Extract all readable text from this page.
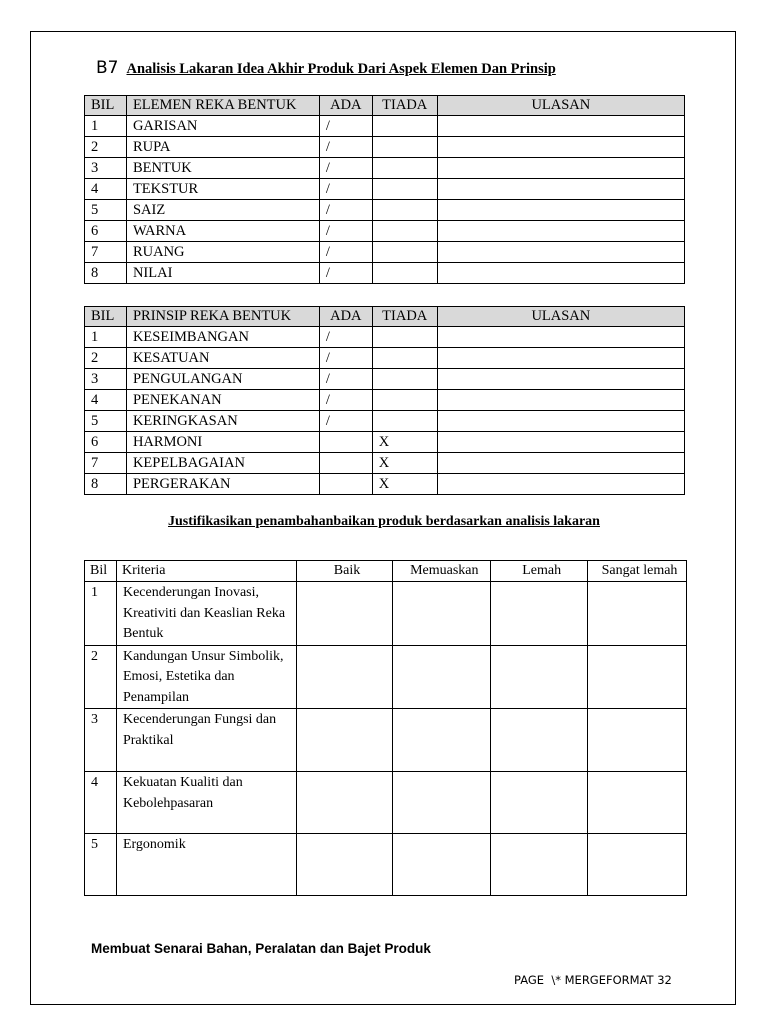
B7 Analisis Lakaran Idea Akhir Produk Dari Aspek Elemen Dan Prinsip
BIL	ELEMEN REKA BENTUK	ADA	TIADA	ULASAN
1	GARISAN	/		
2	RUPA	/		
3	BENTUK	/		
4	TEKSTUR	/		
5	SAIZ	/		
6	WARNA	/		
7	RUANG	/		
8	NILAI	/		
BIL	PRINSIP REKA BENTUK	ADA	TIADA	ULASAN
1	KESEIMBANGAN	/		
2	KESATUAN	/		
3	PENGULANGAN	/		
4	PENEKANAN	/		
5	KERINGKASAN	/		
6	HARMONI		X	
7	KEPELBAGAIAN		X	
8	PERGERAKAN		X	
Justifikasikan penambahanbaikan produk berdasarkan analisis lakaran
Bil	Kriteria	Baik	Memuaskan	Lemah	Sangat lemah
1	Kecenderungan Inovasi, Kreativiti dan Keaslian Reka Bentuk				
2	Kandungan Unsur Simbolik, Emosi, Estetika dan Penampilan				
3	Kecenderungan Fungsi dan Praktikal				
4	Kekuatan Kualiti dan Kebolehpasaran				
5	Ergonomik				
Membuat Senarai Bahan, Peralatan dan Bajet Produk
PAGE  \* MERGEFORMAT 32
